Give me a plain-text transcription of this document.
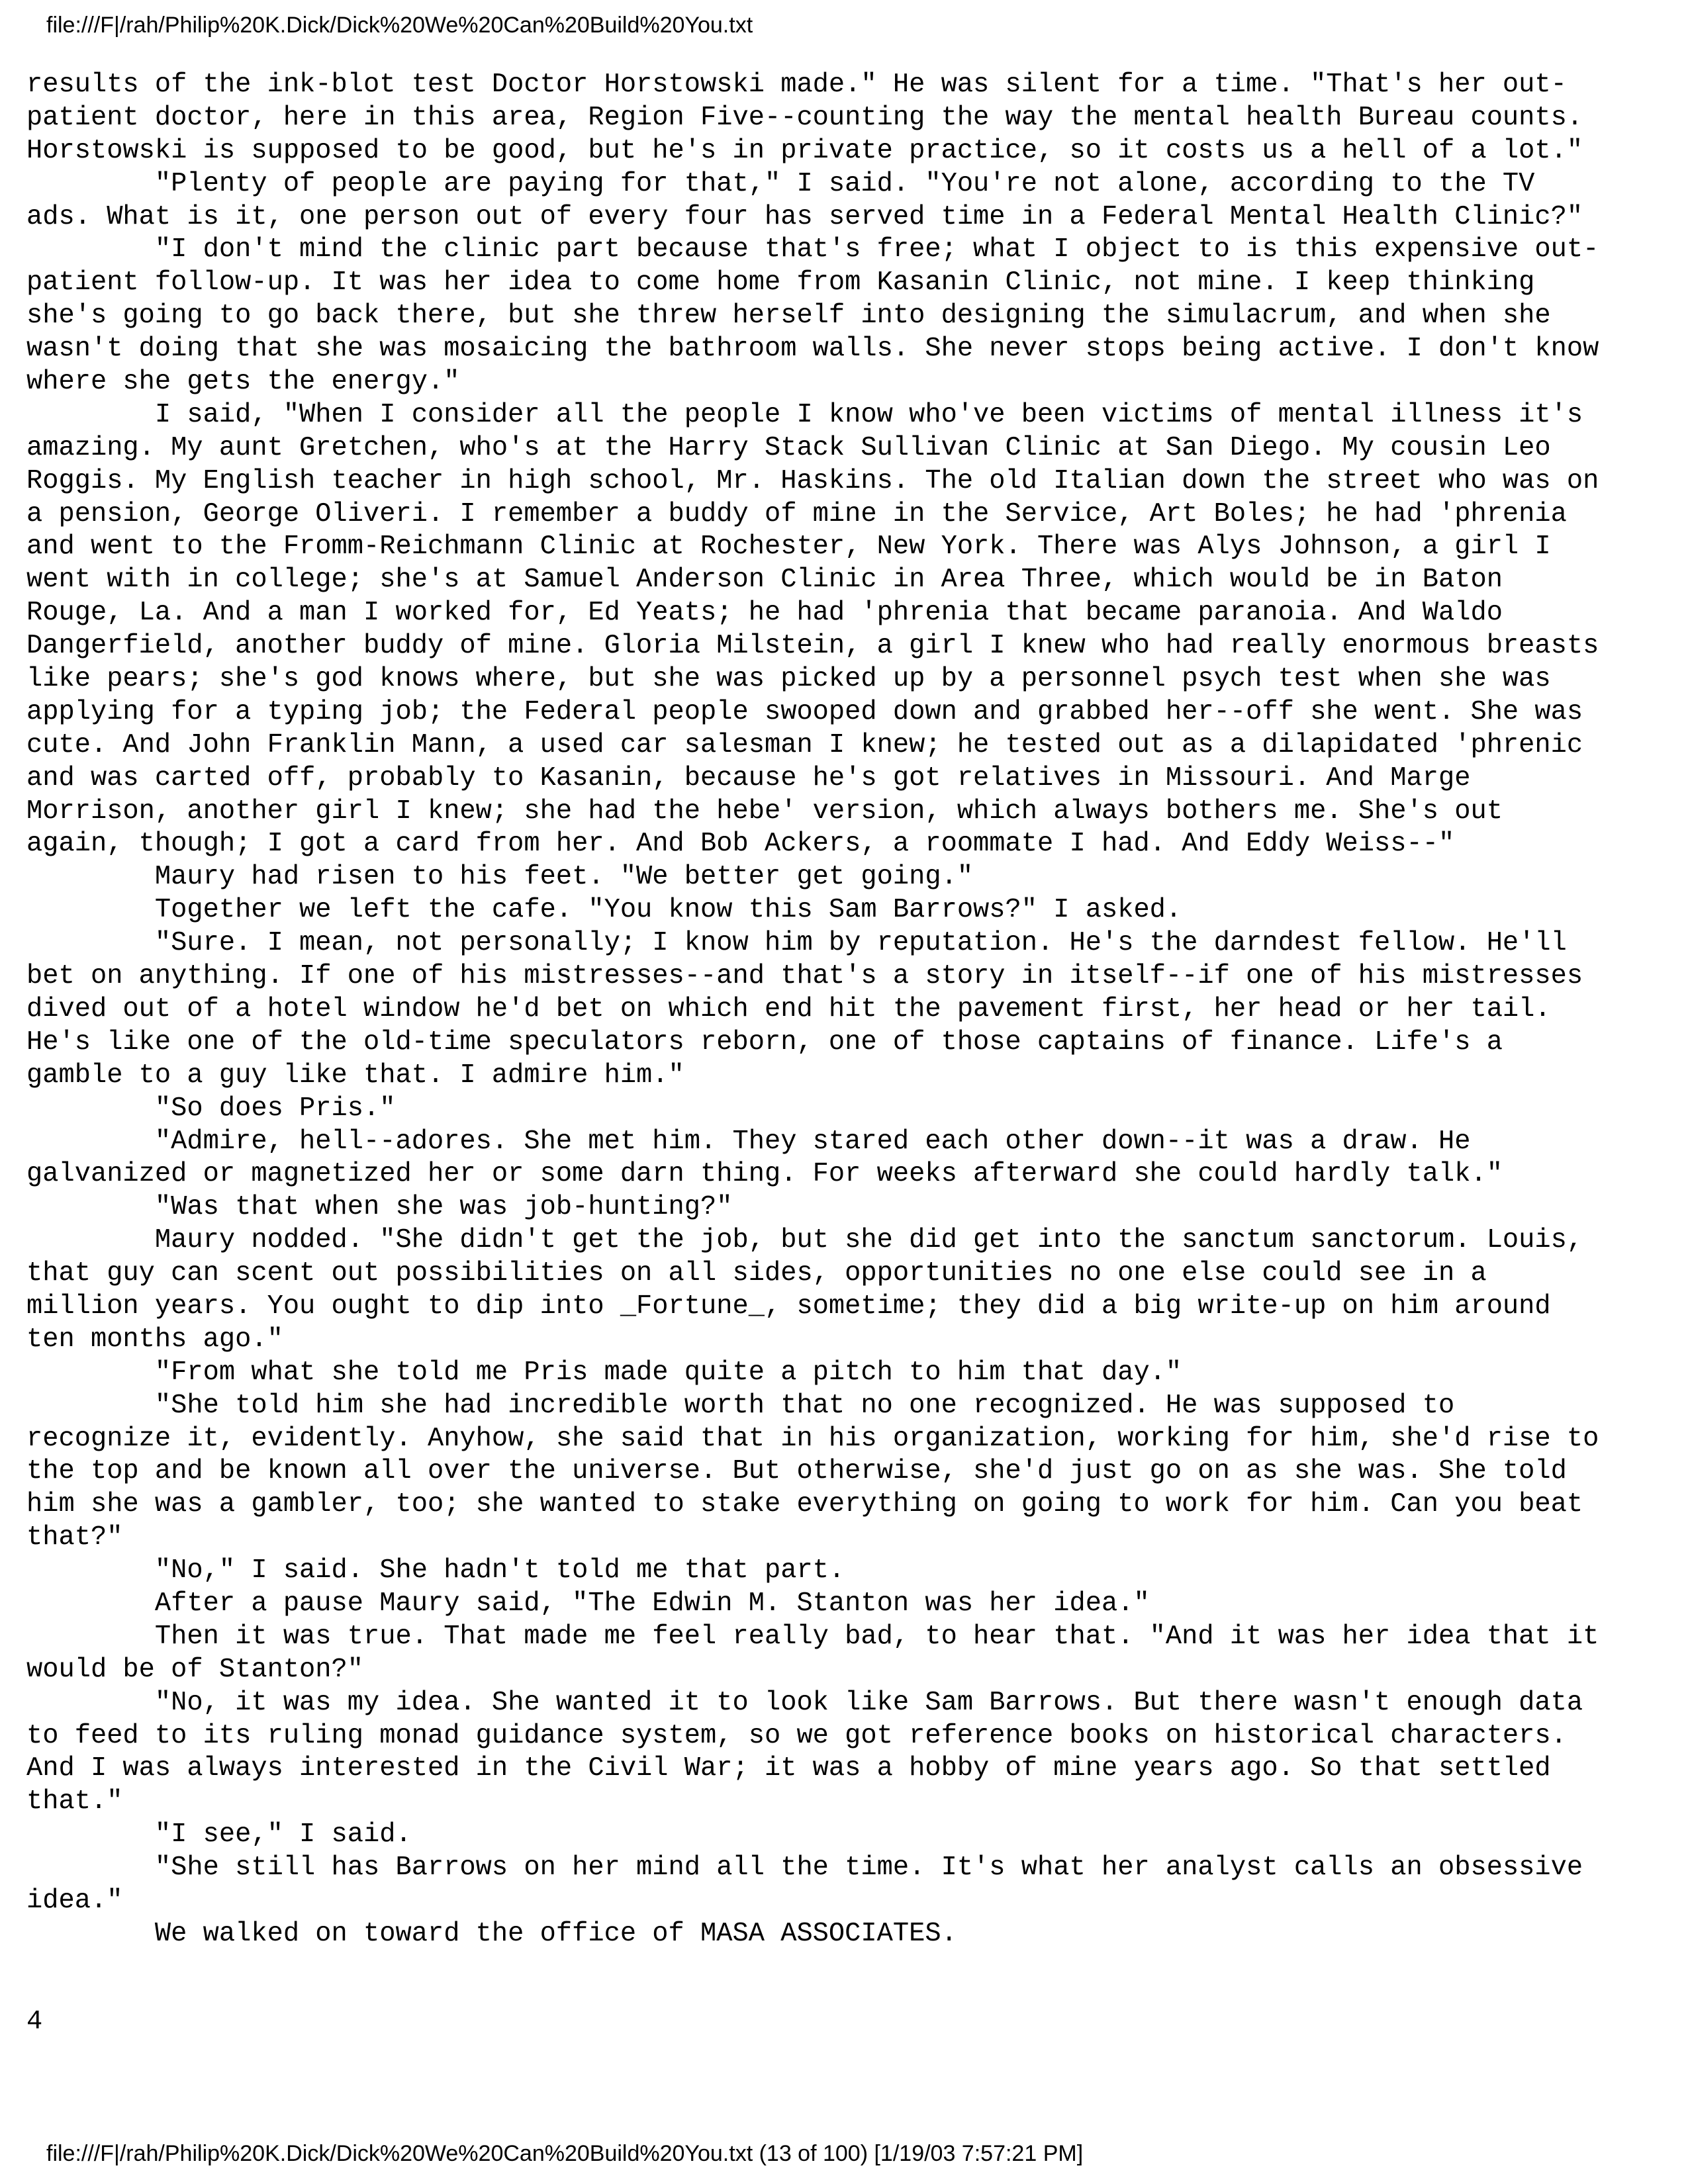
file:///F|/rah/Philip%20K.Dick/Dick%20We%20Can%20Build%20You.txt
results of the ink-blot test Doctor Horstowski made." He was silent for a time. "That's her out-
patient doctor, here in this area, Region Five--counting the way the mental health Bureau counts.
Horstowski is supposed to be good, but he's in private practice, so it costs us a hell of a lot."
"Plenty of people are paying for that," I said. "You're not alone, according to the TV
ads. What is it, one person out of every four has served time in a Federal Mental Health Clinic?"
"I don't mind the clinic part because that's free; what I object to is this expensive out-
patient follow-up. It was her idea to come home from Kasanin Clinic, not mine. I keep thinking
she's going to go back there, but she threw herself into designing the simulacrum, and when she
wasn't doing that she was mosaicing the bathroom walls. She never stops being active. I don't know
where she gets the energy."
I said, "When I consider all the people I know who've been victims of mental illness it's
amazing. My aunt Gretchen, who's at the Harry Stack Sullivan Clinic at San Diego. My cousin Leo
Roggis. My English teacher in high school, Mr. Haskins. The old Italian down the street who was on
a pension, George Oliveri. I remember a buddy of mine in the Service, Art Boles; he had 'phrenia
and went to the Fromm-Reichmann Clinic at Rochester, New York. There was Alys Johnson, a girl I
went with in college; she's at Samuel Anderson Clinic in Area Three, which would be in Baton
Rouge, La. And a man I worked for, Ed Yeats; he had 'phrenia that became paranoia. And Waldo
Dangerfield, another buddy of mine. Gloria Milstein, a girl I knew who had really enormous breasts
like pears; she's god knows where, but she was picked up by a personnel psych test when she was
applying for a typing job; the Federal people swooped down and grabbed her--off she went. She was
cute. And John Franklin Mann, a used car salesman I knew; he tested out as a dilapidated 'phrenic
and was carted off, probably to Kasanin, because he's got relatives in Missouri. And Marge
Morrison, another girl I knew; she had the hebe' version, which always bothers me. She's out
again, though; I got a card from her. And Bob Ackers, a roommate I had. And Eddy Weiss--"
Maury had risen to his feet. "We better get going."
Together we left the cafe. "You know this Sam Barrows?" I asked.
"Sure. I mean, not personally; I know him by reputation. He's the darndest fellow. He'll
bet on anything. If one of his mistresses--and that's a story in itself--if one of his mistresses
dived out of a hotel window he'd bet on which end hit the pavement first, her head or her tail.
He's like one of the old-time speculators reborn, one of those captains of finance. Life's a
gamble to a guy like that. I admire him."
"So does Pris."
"Admire, hell--adores. She met him. They stared each other down--it was a draw. He
galvanized or magnetized her or some darn thing. For weeks afterward she could hardly talk."
"Was that when she was job-hunting?"
Maury nodded. "She didn't get the job, but she did get into the sanctum sanctorum. Louis,
that guy can scent out possibilities on all sides, opportunities no one else could see in a
million years. You ought to dip into _Fortune_, sometime; they did a big write-up on him around
ten months ago."
"From what she told me Pris made quite a pitch to him that day."
"She told him she had incredible worth that no one recognized. He was supposed to
recognize it, evidently. Anyhow, she said that in his organization, working for him, she'd rise to
the top and be known all over the universe. But otherwise, she'd just go on as she was. She told
him she was a gambler, too; she wanted to stake everything on going to work for him. Can you beat
that?"
"No," I said. She hadn't told me that part.
After a pause Maury said, "The Edwin M. Stanton was her idea."
Then it was true. That made me feel really bad, to hear that. "And it was her idea that it
would be of Stanton?"
"No, it was my idea. She wanted it to look like Sam Barrows. But there wasn't enough data
to feed to its ruling monad guidance system, so we got reference books on historical characters.
And I was always interested in the Civil War; it was a hobby of mine years ago. So that settled
that."
"I see," I said.
"She still has Barrows on her mind all the time. It's what her analyst calls an obsessive
idea."
We walked on toward the office of MASA ASSOCIATES.
4
file:///F|/rah/Philip%20K.Dick/Dick%20We%20Can%20Build%20You.txt (13 of 100) [1/19/03 7:57:21 PM]
